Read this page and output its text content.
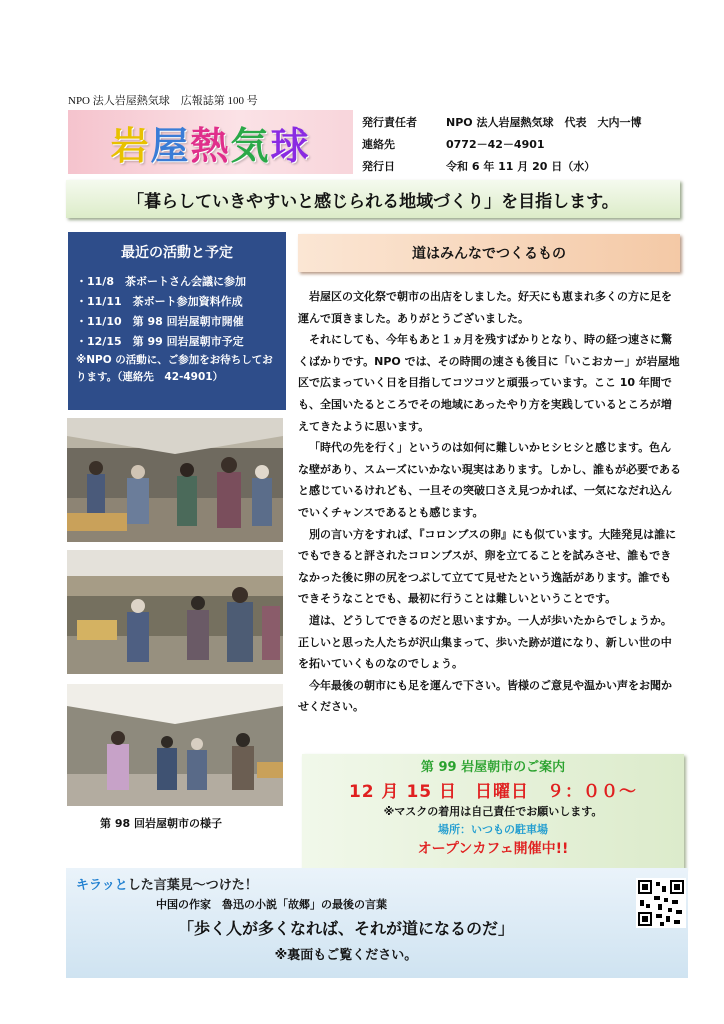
NPO 法人岩屋熱気球　広報誌第 100 号
岩屋熱気球
発行責任者	NPO 法人岩屋熱気球　代表　大内一博
連絡先	0772－42－4901
発行日	令和 6 年 11 月 20 日（水）
「暮らしていきやすいと感じられる地域づくり」を目指します。
最近の活動と予定
・11/8　茶ボートさん会議に参加
・11/11　茶ボート参加資料作成
・11/10　第 98 回岩屋朝市開催
・12/15　第 99 回岩屋朝市予定
※NPO の活動に、ご参加をお待ちしております。（連絡先　42-4901）
第 98 回岩屋朝市の様子
道はみんなでつくるもの

岩屋区の文化祭で朝市の出店をしました。好天にも恵まれ多くの方に足を運んで頂きました。ありがとうございました。

それにしても、今年もあと１ヵ月を残すばかりとなり、時の経つ速さに驚くばかりです。NPO では、その時間の速さも後目に「いこおカー」が岩屋地区で広まっていく日を目指してコツコツと頑張っています。ここ 10 年間でも、全国いたるところでその地域にあったやり方を実践しているところが増えてきたように思います。

「時代の先を行く」というのは如何に難しいかヒシヒシと感じます。色んな壁があり、スムーズにいかない現実はあります。しかし、誰もが必要であると感じているけれども、一旦その突破口さえ見つかれば、一気になだれ込んでいくチャンスであるとも感じます。

別の言い方をすれば、『コロンブスの卵』にも似ています。大陸発見は誰にでもできると評されたコロンブスが、卵を立てることを試みさせ、誰もできなかった後に卵の尻をつぶして立てて見せたという逸話があります。誰でもできそうなことでも、最初に行うことは難しいということです。

道は、どうしてできるのだと思いますか。一人が歩いたからでしょうか。正しいと思った人たちが沢山集まって、歩いた跡が道になり、新しい世の中を拓いていくものなのでしょう。

今年最後の朝市にも足を運んで下さい。皆様のご意見や温かい声をお聞かせください。

第 99 岩屋朝市のご案内
12 月 15 日　日曜日　９：００～
※マスクの着用は自己責任でお願いします。
場所：いつもの駐車場
オープンカフェ開催中!!
キラッとした言葉見～つけた！
中国の作家　魯迅の小説「故郷」の最後の言葉
「歩く人が多くなれば、それが道になるのだ」
※裏面もご覧ください。
